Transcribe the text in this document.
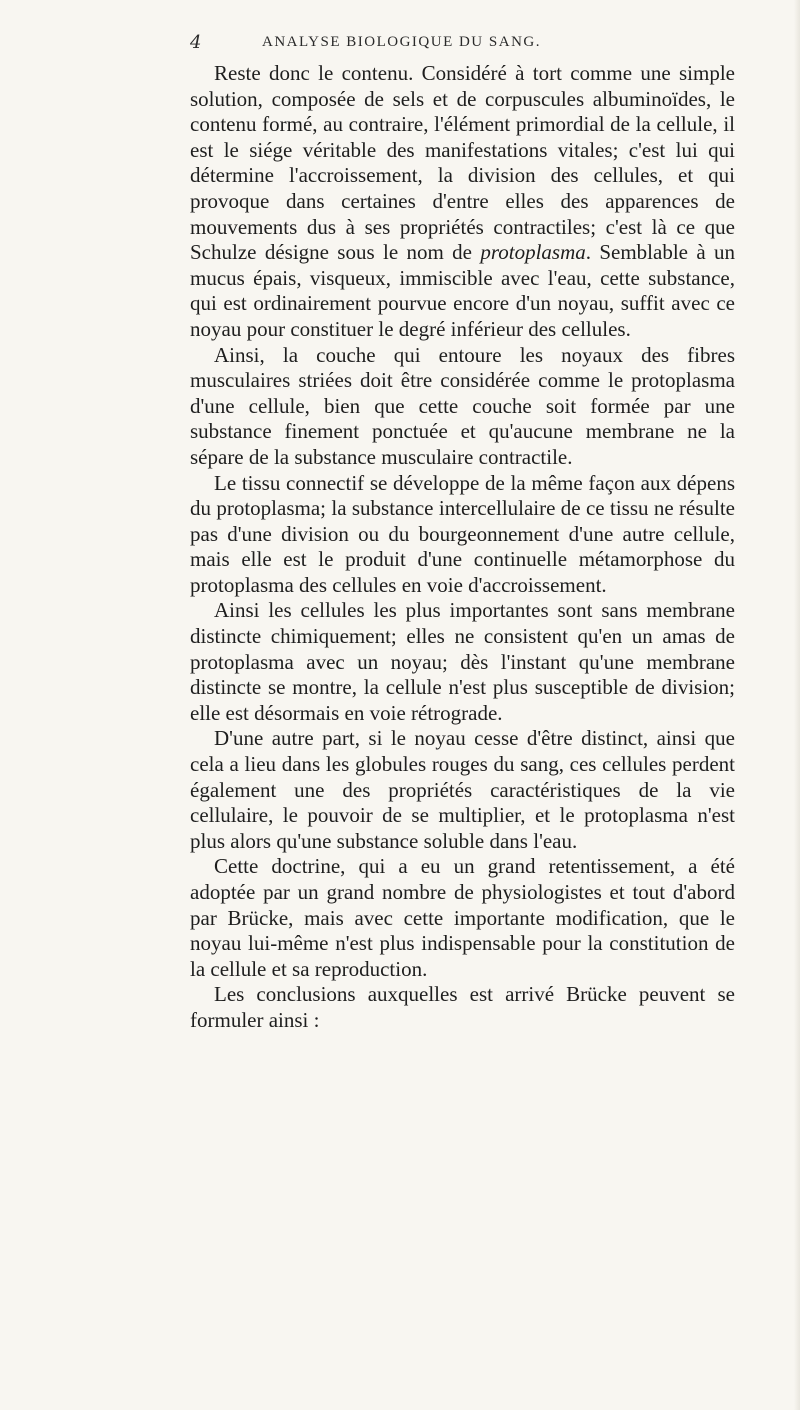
4	ANALYSE BIOLOGIQUE DU SANG.

Reste donc le contenu. Considéré à tort comme une simple solution, composée de sels et de corpuscules albuminoïdes, le contenu formé, au contraire, l'élément primordial de la cellule, il est le siége véritable des manifestations vitales; c'est lui qui détermine l'accroissement, la division des cellules, et qui provoque dans certaines d'entre elles des apparences de mouvements dus à ses propriétés contractiles; c'est là ce que Schulze désigne sous le nom de protoplasma. Semblable à un mucus épais, visqueux, immiscible avec l'eau, cette substance, qui est ordinairement pourvue encore d'un noyau, suffit avec ce noyau pour constituer le degré inférieur des cellules.

Ainsi, la couche qui entoure les noyaux des fibres musculaires striées doit être considérée comme le protoplasma d'une cellule, bien que cette couche soit formée par une substance finement ponctuée et qu'aucune membrane ne la sépare de la substance musculaire contractile.

Le tissu connectif se développe de la même façon aux dépens du protoplasma; la substance intercellulaire de ce tissu ne résulte pas d'une division ou du bourgeonnement d'une autre cellule, mais elle est le produit d'une continuelle métamorphose du protoplasma des cellules en voie d'accroissement.

Ainsi les cellules les plus importantes sont sans membrane distincte chimiquement; elles ne consistent qu'en un amas de protoplasma avec un noyau; dès l'instant qu'une membrane distincte se montre, la cellule n'est plus susceptible de division; elle est désormais en voie rétrograde.

D'une autre part, si le noyau cesse d'être distinct, ainsi que cela a lieu dans les globules rouges du sang, ces cellules perdent également une des propriétés caractéristiques de la vie cellulaire, le pouvoir de se multiplier, et le protoplasma n'est plus alors qu'une substance soluble dans l'eau.

Cette doctrine, qui a eu un grand retentissement, a été adoptée par un grand nombre de physiologistes et tout d'abord par Brücke, mais avec cette importante modification, que le noyau lui-même n'est plus indispensable pour la constitution de la cellule et sa reproduction.

Les conclusions auxquelles est arrivé Brücke peuvent se formuler ainsi :
